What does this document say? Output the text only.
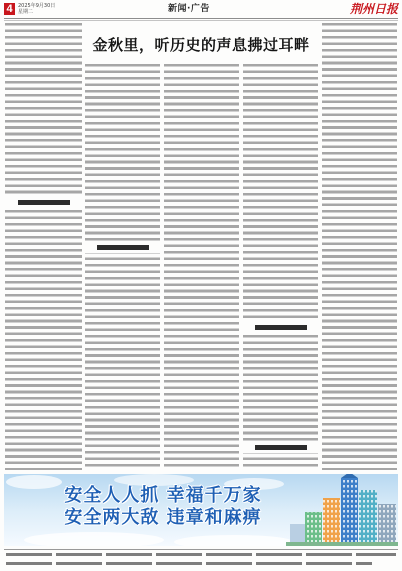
4	2025年9月30日
星期二	新闻·广告	荆州日报
金秋里，听历史的声息拂过耳畔
安全人人抓 幸福千万家
安全两大敌 违章和麻痹
